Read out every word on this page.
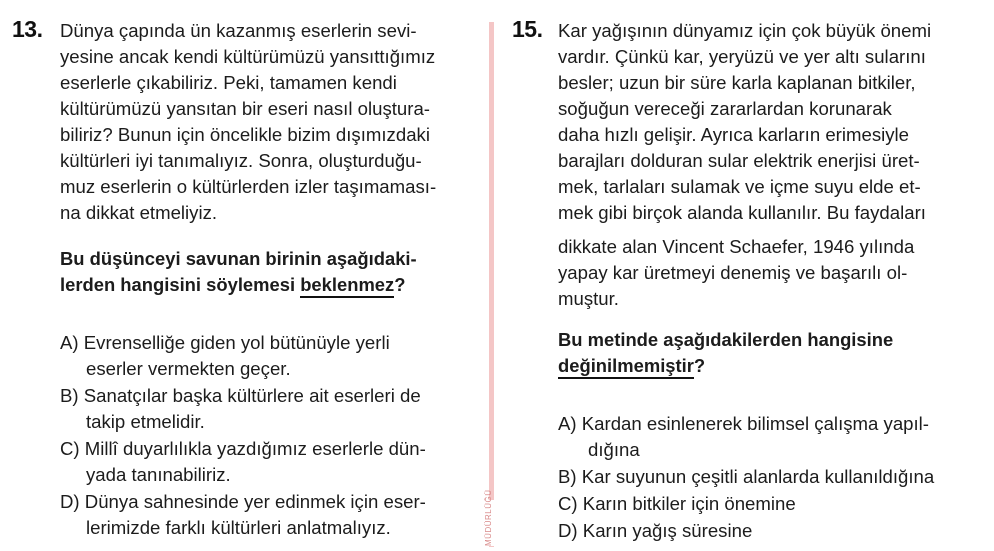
13. Dünya çapında ün kazanmış eserlerin sevi-
yesine ancak kendi kültürümüzü yansıttığımız
eserlerle çıkabiliriz. Peki, tamamen kendi
kültürümüzü yansıtan bir eseri nasıl oluştura-
biliriz? Bunun için öncelikle bizim dışımızdaki
kültürleri iyi tanımalıyız. Sonra, oluşturduğu-
muz eserlerin o kültürlerden izler taşımaması-
na dikkat etmeliyiz.
Bu düşünceyi savunan birinin aşağıdaki-
lerden hangisini söylemesi beklenmez?
A) Evrenselliğe giden yol bütünüyle yerli
eserler vermekten geçer.
B) Sanatçılar başka kültürlere ait eserleri de
takip etmelidir.
C) Millî duyarlılıkla yazdığımız eserlerle dün-
yada tanınabiliriz.
D) Dünya sahnesinde yer edinmek için eser-
lerimizde farklı kültürleri anlatmalıyız.	MÜDÜRLÜĞÜ
15. Kar yağışının dünyamız için çok büyük önemi
vardır. Çünkü kar, yeryüzü ve yer altı sularını
besler; uzun bir süre karla kaplanan bitkiler,
soğuğun vereceği zararlardan korunarak
daha hızlı gelişir. Ayrıca karların erimesiyle
barajları dolduran sular elektrik enerjisi üret-
mek, tarlaları sulamak ve içme suyu elde et-
mek gibi birçok alanda kullanılır. Bu faydaları
dikkate alan Vincent Schaefer, 1946 yılında
yapay kar üretmeyi denemiş ve başarılı ol-
muştur.
Bu metinde aşağıdakilerden hangisine
değinilmemiştir?
A) Kardan esinlenerek bilimsel çalışma yapıl-
dığına
B) Kar suyunun çeşitli alanlarda kullanıldığına
C) Karın bitkiler için önemine
D) Karın yağış süresine
